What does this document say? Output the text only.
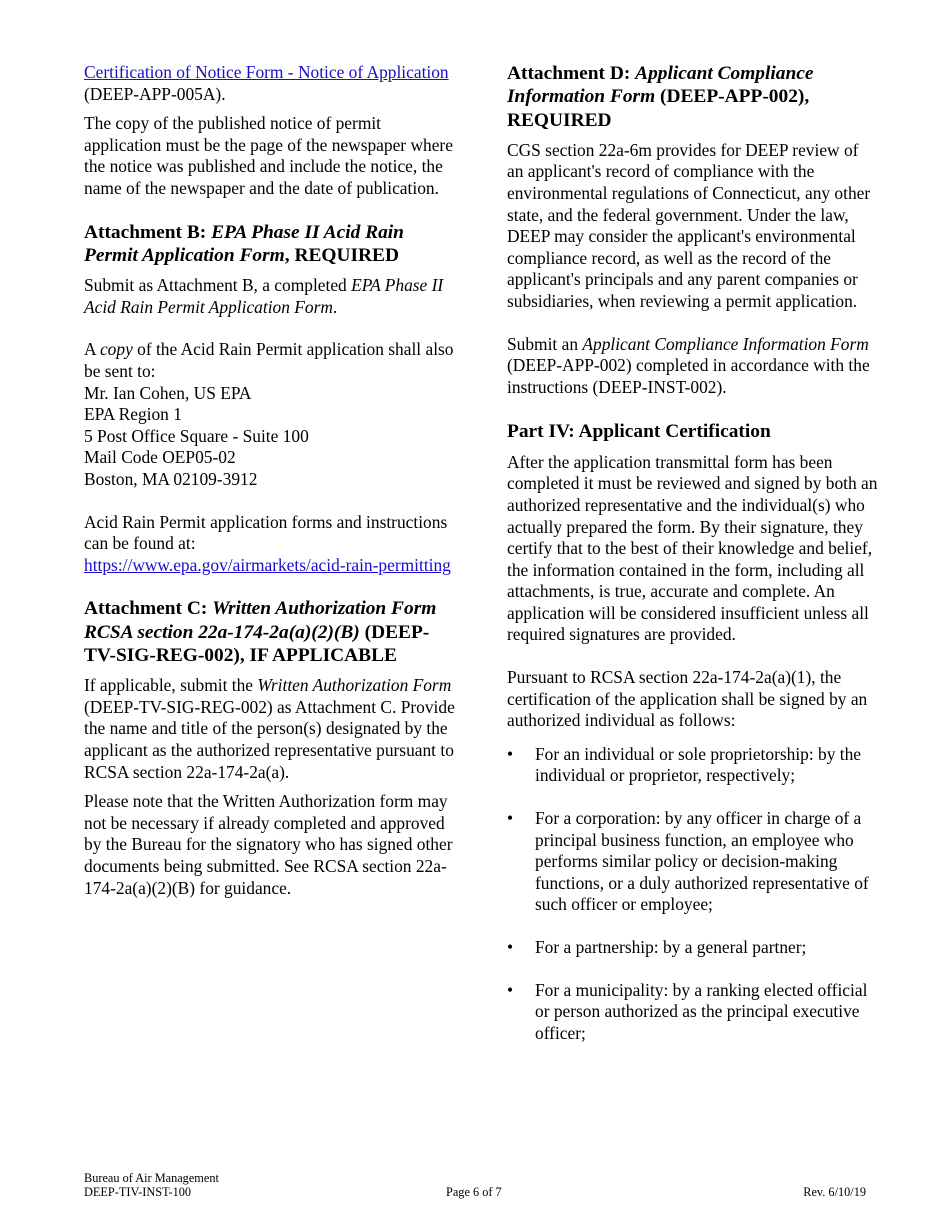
Certification of Notice Form - Notice of Application (DEEP-APP-005A).

The copy of the published notice of permit application must be the page of the newspaper where the notice was published and include the notice, the name of the newspaper and the date of publication.

Attachment B: EPA Phase II Acid Rain Permit Application Form, REQUIRED

Submit as Attachment B, a completed EPA Phase II Acid Rain Permit Application Form.

A copy of the Acid Rain Permit application shall also be sent to:
Mr. Ian Cohen, US EPA
EPA Region 1
5 Post Office Square - Suite 100
Mail Code OEP05-02
Boston, MA 02109-3912

Acid Rain Permit application forms and instructions can be found at:
https://www.epa.gov/airmarkets/acid-rain-permitting

Attachment C: Written Authorization Form RCSA section 22a-174-2a(a)(2)(B) (DEEP-TV-SIG-REG-002), IF APPLICABLE

If applicable, submit the Written Authorization Form (DEEP-TV-SIG-REG-002) as Attachment C. Provide the name and title of the person(s) designated by the applicant as the authorized representative pursuant to RCSA section 22a-174-2a(a).

Please note that the Written Authorization form may not be necessary if already completed and approved by the Bureau for the signatory who has signed other documents being submitted. See RCSA section 22a-174-2a(a)(2)(B) for guidance.

Attachment D: Applicant Compliance Information Form (DEEP-APP-002), REQUIRED

CGS section 22a-6m provides for DEEP review of an applicant's record of compliance with the environmental regulations of Connecticut, any other state, and the federal government. Under the law, DEEP may consider the applicant's environmental compliance record, as well as the record of the applicant's principals and any parent companies or subsidiaries, when reviewing a permit application.

Submit an Applicant Compliance Information Form (DEEP-APP-002) completed in accordance with the instructions (DEEP-INST-002).

Part IV: Applicant Certification

After the application transmittal form has been completed it must be reviewed and signed by both an authorized representative and the individual(s) who actually prepared the form. By their signature, they certify that to the best of their knowledge and belief, the information contained in the form, including all attachments, is true, accurate and complete. An application will be considered insufficient unless all required signatures are provided.

Pursuant to RCSA section 22a-174-2a(a)(1), the certification of the application shall be signed by an authorized individual as follows:

• For an individual or sole proprietorship: by the individual or proprietor, respectively;
• For a corporation: by any officer in charge of a principal business function, an employee who performs similar policy or decision-making functions, or a duly authorized representative of such officer or employee;
• For a partnership: by a general partner;
• For a municipality: by a ranking elected official or person authorized as the principal executive officer;
Bureau of Air Management
DEEP-TIV-INST-100	Page 6 of 7	Rev. 6/10/19
